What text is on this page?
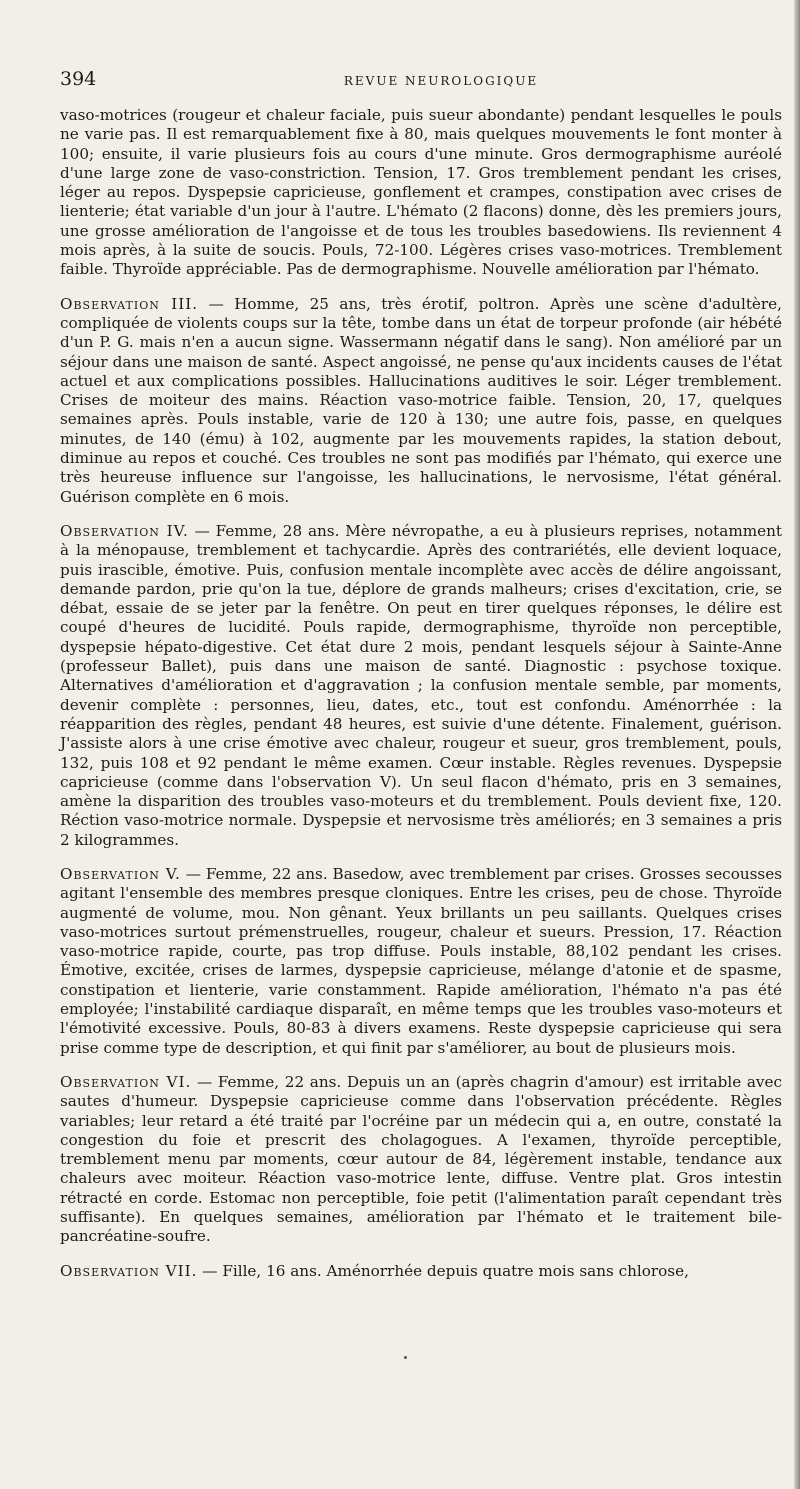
394	REVUE NEUROLOGIQUE

vaso-motrices (rougeur et chaleur faciale, puis sueur abondante) pendant lesquelles le pouls ne varie pas. Il est remarquablement fixe à 80, mais quelques mouvements le font monter à 100; ensuite, il varie plusieurs fois au cours d'une minute. Gros dermographisme auréolé d'une large zone de vaso-constriction. Tension, 17. Gros tremblement pendant les crises, léger au repos. Dyspepsie capricieuse, gonflement et crampes, constipation avec crises de lienterie; état variable d'un jour à l'autre. L'hémato (2 flacons) donne, dès les premiers jours, une grosse amélioration de l'angoisse et de tous les troubles basedowiens. Ils reviennent 4 mois après, à la suite de soucis. Pouls, 72-100. Légères crises vaso-motrices. Tremblement faible. Thyroïde appréciable. Pas de dermographisme. Nouvelle amélioration par l'hémato.

Observation III. — Homme, 25 ans, très érotif, poltron. Après une scène d'adultère, compliquée de violents coups sur la tête, tombe dans un état de torpeur profonde (air hébété d'un P. G. mais n'en a aucun signe. Wassermann négatif dans le sang). Non amélioré par un séjour dans une maison de santé. Aspect angoissé, ne pense qu'aux incidents causes de l'état actuel et aux complications possibles. Hallucinations auditives le soir. Léger tremblement. Crises de moiteur des mains. Réaction vaso-motrice faible. Tension, 20, 17, quelques semaines après. Pouls instable, varie de 120 à 130; une autre fois, passe, en quelques minutes, de 140 (ému) à 102, augmente par les mouvements rapides, la station debout, diminue au repos et couché. Ces troubles ne sont pas modifiés par l'hémato, qui exerce une très heureuse influence sur l'angoisse, les hallucinations, le nervosisme, l'état général. Guérison complète en 6 mois.

Observation IV. — Femme, 28 ans. Mère névropathe, a eu à plusieurs reprises, notamment à la ménopause, tremblement et tachycardie. Après des contrariétés, elle devient loquace, puis irascible, émotive. Puis, confusion mentale incomplète avec accès de délire angoissant, demande pardon, prie qu'on la tue, déplore de grands malheurs; crises d'excitation, crie, se débat, essaie de se jeter par la fenêtre. On peut en tirer quelques réponses, le délire est coupé d'heures de lucidité. Pouls rapide, dermographisme, thyroïde non perceptible, dyspepsie hépato-digestive. Cet état dure 2 mois, pendant lesquels séjour à Sainte-Anne (professeur Ballet), puis dans une maison de santé. Diagnostic : psychose toxique. Alternatives d'amélioration et d'aggravation ; la confusion mentale semble, par moments, devenir complète : personnes, lieu, dates, etc., tout est confondu. Aménorrhée : la réapparition des règles, pendant 48 heures, est suivie d'une détente. Finalement, guérison. J'assiste alors à une crise émotive avec chaleur, rougeur et sueur, gros tremblement, pouls, 132, puis 108 et 92 pendant le même examen. Cœur instable. Règles revenues. Dyspepsie capricieuse (comme dans l'observation V). Un seul flacon d'hémato, pris en 3 semaines, amène la disparition des troubles vaso-moteurs et du tremblement. Pouls devient fixe, 120. Réction vaso-motrice normale. Dyspepsie et nervosisme très améliorés; en 3 semaines a pris 2 kilogrammes.

Observation V. — Femme, 22 ans. Basedow, avec tremblement par crises. Grosses secousses agitant l'ensemble des membres presque cloniques. Entre les crises, peu de chose. Thyroïde augmenté de volume, mou. Non gênant. Yeux brillants un peu saillants. Quelques crises vaso-motrices surtout prémenstruelles, rougeur, chaleur et sueurs. Pression, 17. Réaction vaso-motrice rapide, courte, pas trop diffuse. Pouls instable, 88,102 pendant les crises. Émotive, excitée, crises de larmes, dyspepsie capricieuse, mélange d'atonie et de spasme, constipation et lienterie, varie constamment. Rapide amélioration, l'hémato n'a pas été employée; l'instabilité cardiaque disparaît, en même temps que les troubles vaso-moteurs et l'émotivité excessive. Pouls, 80-83 à divers examens. Reste dyspepsie capricieuse qui sera prise comme type de description, et qui finit par s'améliorer, au bout de plusieurs mois.

Observation VI. — Femme, 22 ans. Depuis un an (après chagrin d'amour) est irritable avec sautes d'humeur. Dyspepsie capricieuse comme dans l'observation précédente. Règles variables; leur retard a été traité par l'ocréine par un médecin qui a, en outre, constaté la congestion du foie et prescrit des cholagogues. A l'examen, thyroïde perceptible, tremblement menu par moments, cœur autour de 84, légèrement instable, tendance aux chaleurs avec moiteur. Réaction vaso-motrice lente, diffuse. Ventre plat. Gros intestin rétracté en corde. Estomac non perceptible, foie petit (l'alimentation paraît cependant très suffisante). En quelques semaines, amélioration par l'hémato et le traitement bile-pancréatine-soufre.

Observation VII. — Fille, 16 ans. Aménorrhée depuis quatre mois sans chlorose,
